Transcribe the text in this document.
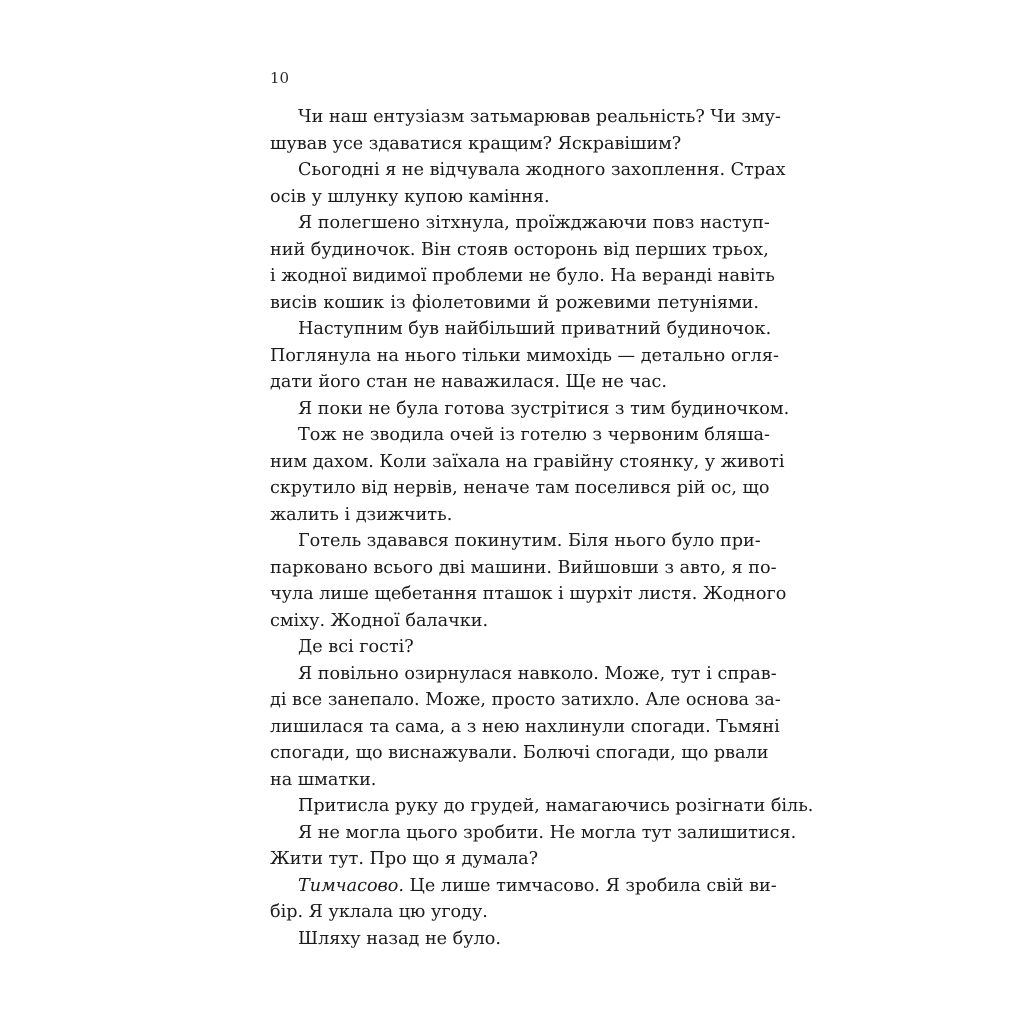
10
Чи наш ентузіазм затьмарював реальність? Чи зму-
шував усе здаватися кращим? Яскравішим?
Сьогодні я не відчувала жодного захоплення. Страх
осів у шлунку купою каміння.
Я полегшено зітхнула, проїжджаючи повз наступ-
ний будиночок. Він стояв осторонь від перших трьох,
і жодної видимої проблеми не було. На веранді навіть
висів кошик із фіолетовими й рожевими петуніями.
Наступним був найбільший приватний будиночок.
Поглянула на нього тільки мимохідь — детально огля-
дати його стан не наважилася. Ще не час.
Я поки не була готова зустрітися з тим будиночком.
Тож не зводила очей із готелю з червоним бляша-
ним дахом. Коли заїхала на гравійну стоянку, у животі
скрутило від нервів, неначе там поселився рій ос, що
жалить і дзижчить.
Готель здавався покинутим. Біля нього було при-
парковано всього дві машини. Вийшовши з авто, я по-
чула лише щебетання пташок і шурхіт листя. Жодного
сміху. Жодної балачки.
Де всі гості?
Я повільно озирнулася навколо. Може, тут і справ-
ді все занепало. Може, просто затихло. Але основа за-
лишилася та сама, а з нею нахлинули спогади. Тьмяні
спогади, що виснажували. Болючі спогади, що рвали
на шматки.
Притисла руку до грудей, намагаючись розігнати біль.
Я не могла цього зробити. Не могла тут залишитися.
Жити тут. Про що я думала?
Тимчасово. Це лише тимчасово. Я зробила свій ви-
бір. Я уклала цю угоду.
Шляху назад не було.
